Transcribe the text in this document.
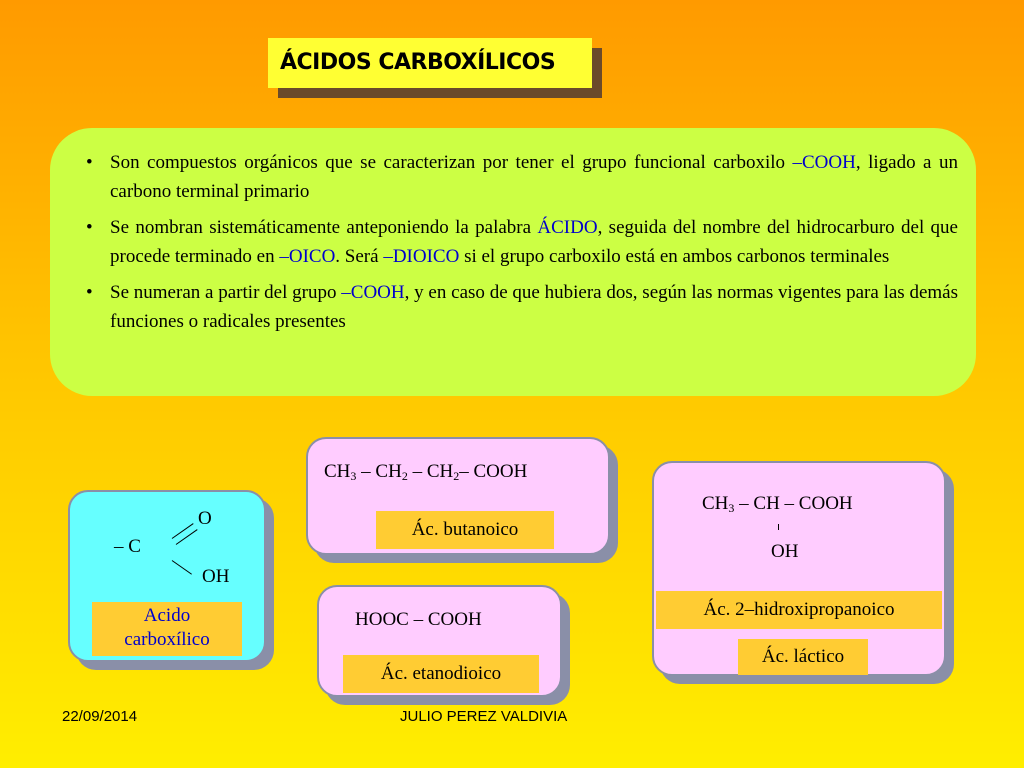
ÁCIDOS CARBOXÍLICOS

• Son compuestos orgánicos que se caracterizan por tener el grupo funcional carboxilo –COOH, ligado a un carbono terminal primario

• Se nombran sistemáticamente anteponiendo la palabra ÁCIDO, seguida del nombre del hidrocarburo del que procede terminado en –OICO. Será –DIOICO si el grupo carboxilo está en ambos carbonos terminales

• Se numeran a partir del grupo –COOH, y en caso de que hubiera dos, según las normas vigentes para las demás funciones o radicales presentes

– C
O
OH
Acido
carboxílico
$CH_3 - CH_2 - CH_2-$ COOH
Ác. butanoico
HOOC – COOH
Ác. etanodioico
$CH_3$ – CH – COOH
OH
Ác. 2–hidroxipropanoico
Ác. láctico
22/09/2014	JULIO PEREZ VALDIVIA
